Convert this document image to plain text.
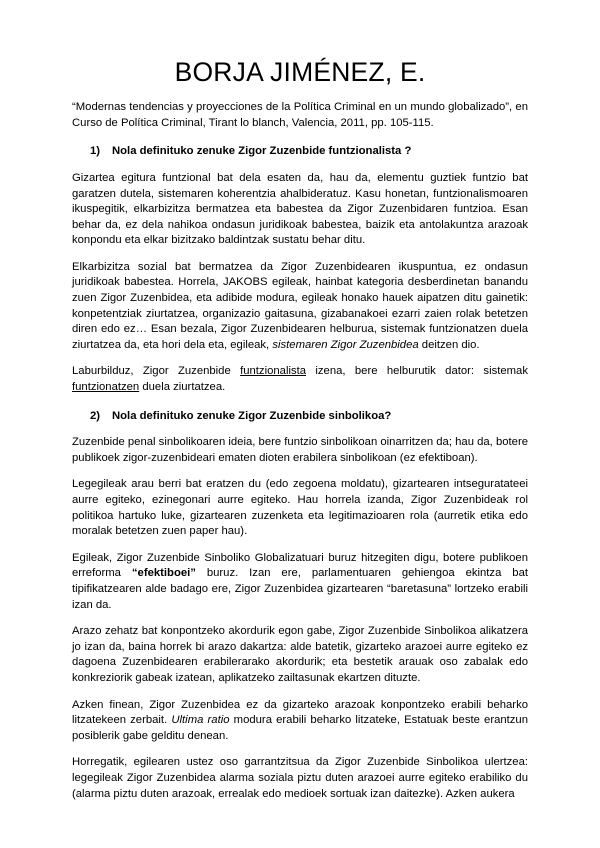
BORJA JIMÉNEZ, E.

“Modernas tendencias y proyecciones de la Política Criminal en un mundo globalizado”, en Curso de Política Criminal, Tirant lo blanch, Valencia, 2011, pp. 105-115.

1) Nola definituko zenuke Zigor Zuzenbide funtzionalista ?

Gizartea egitura funtzional bat dela esaten da, hau da, elementu guztiek funtzio bat garatzen dutela, sistemaren koherentzia ahalbideratuz. Kasu honetan, funtzionalismoaren ikuspegitik, elkarbizitza bermatzea eta babestea da Zigor Zuzenbidaren funtzioa. Esan behar da, ez dela nahikoa ondasun juridikoak babestea, baizik eta antolakuntza arazoak konpondu eta elkar bizitzako baldintzak sustatu behar ditu.

Elkarbizitza sozial bat bermatzea da Zigor Zuzenbidearen ikuspuntua, ez ondasun juridikoak babestea. Horrela, JAKOBS egileak, hainbat kategoria desberdinetan banandu zuen Zigor Zuzenbidea, eta adibide modura, egileak honako hauek aipatzen ditu gainetik: konpetentziak ziurtatzea, organizazio gaitasuna, gizabanakoei ezarri zaien rolak betetzen diren edo ez… Esan bezala, Zigor Zuzenbidearen helburua, sistemak funtzionatzen duela ziurtatzea da, eta hori dela eta, egileak, sistemaren Zigor Zuzenbidea deitzen dio.

Laburbilduz, Zigor Zuzenbide funtzionalista izena, bere helburutik dator: sistemak funtzionatzen duela ziurtatzea.

2) Nola definituko zenuke Zigor Zuzenbide sinbolikoa?

Zuzenbide penal sinbolikoaren ideia, bere funtzio sinbolikoan oinarritzen da; hau da, botere publikoek zigor-zuzenbideari ematen dioten erabilera sinbolikoan (ez efektiboan).

Legegileak arau berri bat eratzen du (edo zegoena moldatu), gizartearen intseguratateei aurre egiteko, ezinegonari aurre egiteko. Hau horrela izanda, Zigor Zuzenbideak rol politikoa hartuko luke, gizartearen zuzenketa eta legitimazioaren rola (aurretik etika edo moralak betetzen zuen paper hau).

Egileak, Zigor Zuzenbide Sinboliko Globalizatuari buruz hitzegiten digu, botere publikoen erreforma “efektiboei” buruz. Izan ere, parlamentuaren gehiengoa ekintza bat tipifikatzearen alde badago ere, Zigor Zuzenbidea gizartearen “baretasuna” lortzeko erabili izan da.

Arazo zehatz bat konpontzeko akordurik egon gabe, Zigor Zuzenbide Sinbolikoa alikatzera jo izan da, baina horrek bi arazo dakartza: alde batetik, gizarteko arazoei aurre egiteko ez dagoena Zuzenbidearen erabilerarako akordurik; eta bestetik arauak oso zabalak edo konkreziorik gabeak izatean, aplikatzeko zailtasunak ekartzen dituzte.

Azken finean, Zigor Zuzenbidea ez da gizarteko arazoak konpontzeko erabili beharko litzatekeen zerbait. Ultima ratio modura erabili beharko litzateke, Estatuak beste erantzun posiblerik gabe gelditu denean.

Horregatik, egilearen ustez oso garrantzitsua da Zigor Zuzenbide Sinbolikoa ulertzea: legegileak Zigor Zuzenbidea alarma soziala piztu duten arazoei aurre egiteko erabiliko du (alarma piztu duten arazoak, errealak edo medioek sortuak izan daitezke). Azken aukera
